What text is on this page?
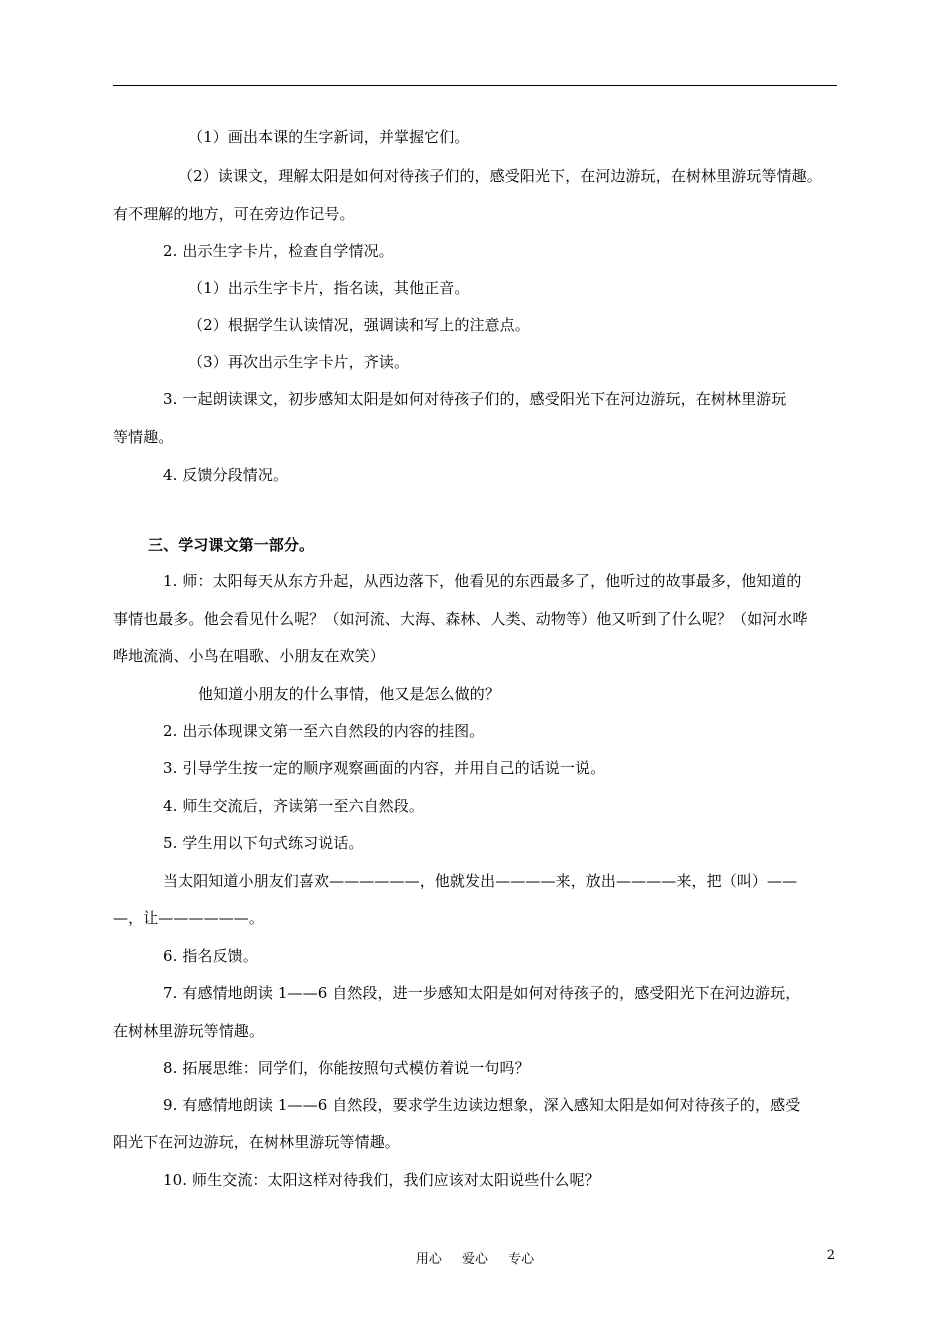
（1）画出本课的生字新词，并掌握它们。
（2）读课文，理解太阳是如何对待孩子们的，感受阳光下，在河边游玩，在树林里游玩等情趣。
有不理解的地方，可在旁边作记号。
2. 出示生字卡片，检查自学情况。
（1）出示生字卡片，指名读，其他正音。
（2）根据学生认读情况，强调读和写上的注意点。
（3）再次出示生字卡片，齐读。
3. 一起朗读课文，初步感知太阳是如何对待孩子们的，感受阳光下在河边游玩，在树林里游玩
等情趣。
4. 反馈分段情况。
三、学习课文第一部分。
1. 师：太阳每天从东方升起，从西边落下，他看见的东西最多了，他听过的故事最多，他知道的
事情也最多。他会看见什么呢？（如河流、大海、森林、人类、动物等）他又听到了什么呢？（如河水哗
哗地流淌、小鸟在唱歌、小朋友在欢笑）
他知道小朋友的什么事情，他又是怎么做的？
2. 出示体现课文第一至六自然段的内容的挂图。
3. 引导学生按一定的顺序观察画面的内容，并用自己的话说一说。
4. 师生交流后，齐读第一至六自然段。
5. 学生用以下句式练习说话。
当太阳知道小朋友们喜欢——————，他就发出————来，放出————来，把（叫）——
—，让——————。
6. 指名反馈。
7. 有感情地朗读 1——6 自然段，进一步感知太阳是如何对待孩子的，感受阳光下在河边游玩，
在树林里游玩等情趣。
8. 拓展思维：同学们，你能按照句式模仿着说一句吗？
9. 有感情地朗读 1——6 自然段，要求学生边读边想象，深入感知太阳是如何对待孩子的，感受
阳光下在河边游玩，在树林里游玩等情趣。
10. 师生交流：太阳这样对待我们，我们应该对太阳说些什么呢？
用心 爱心 专心	2
